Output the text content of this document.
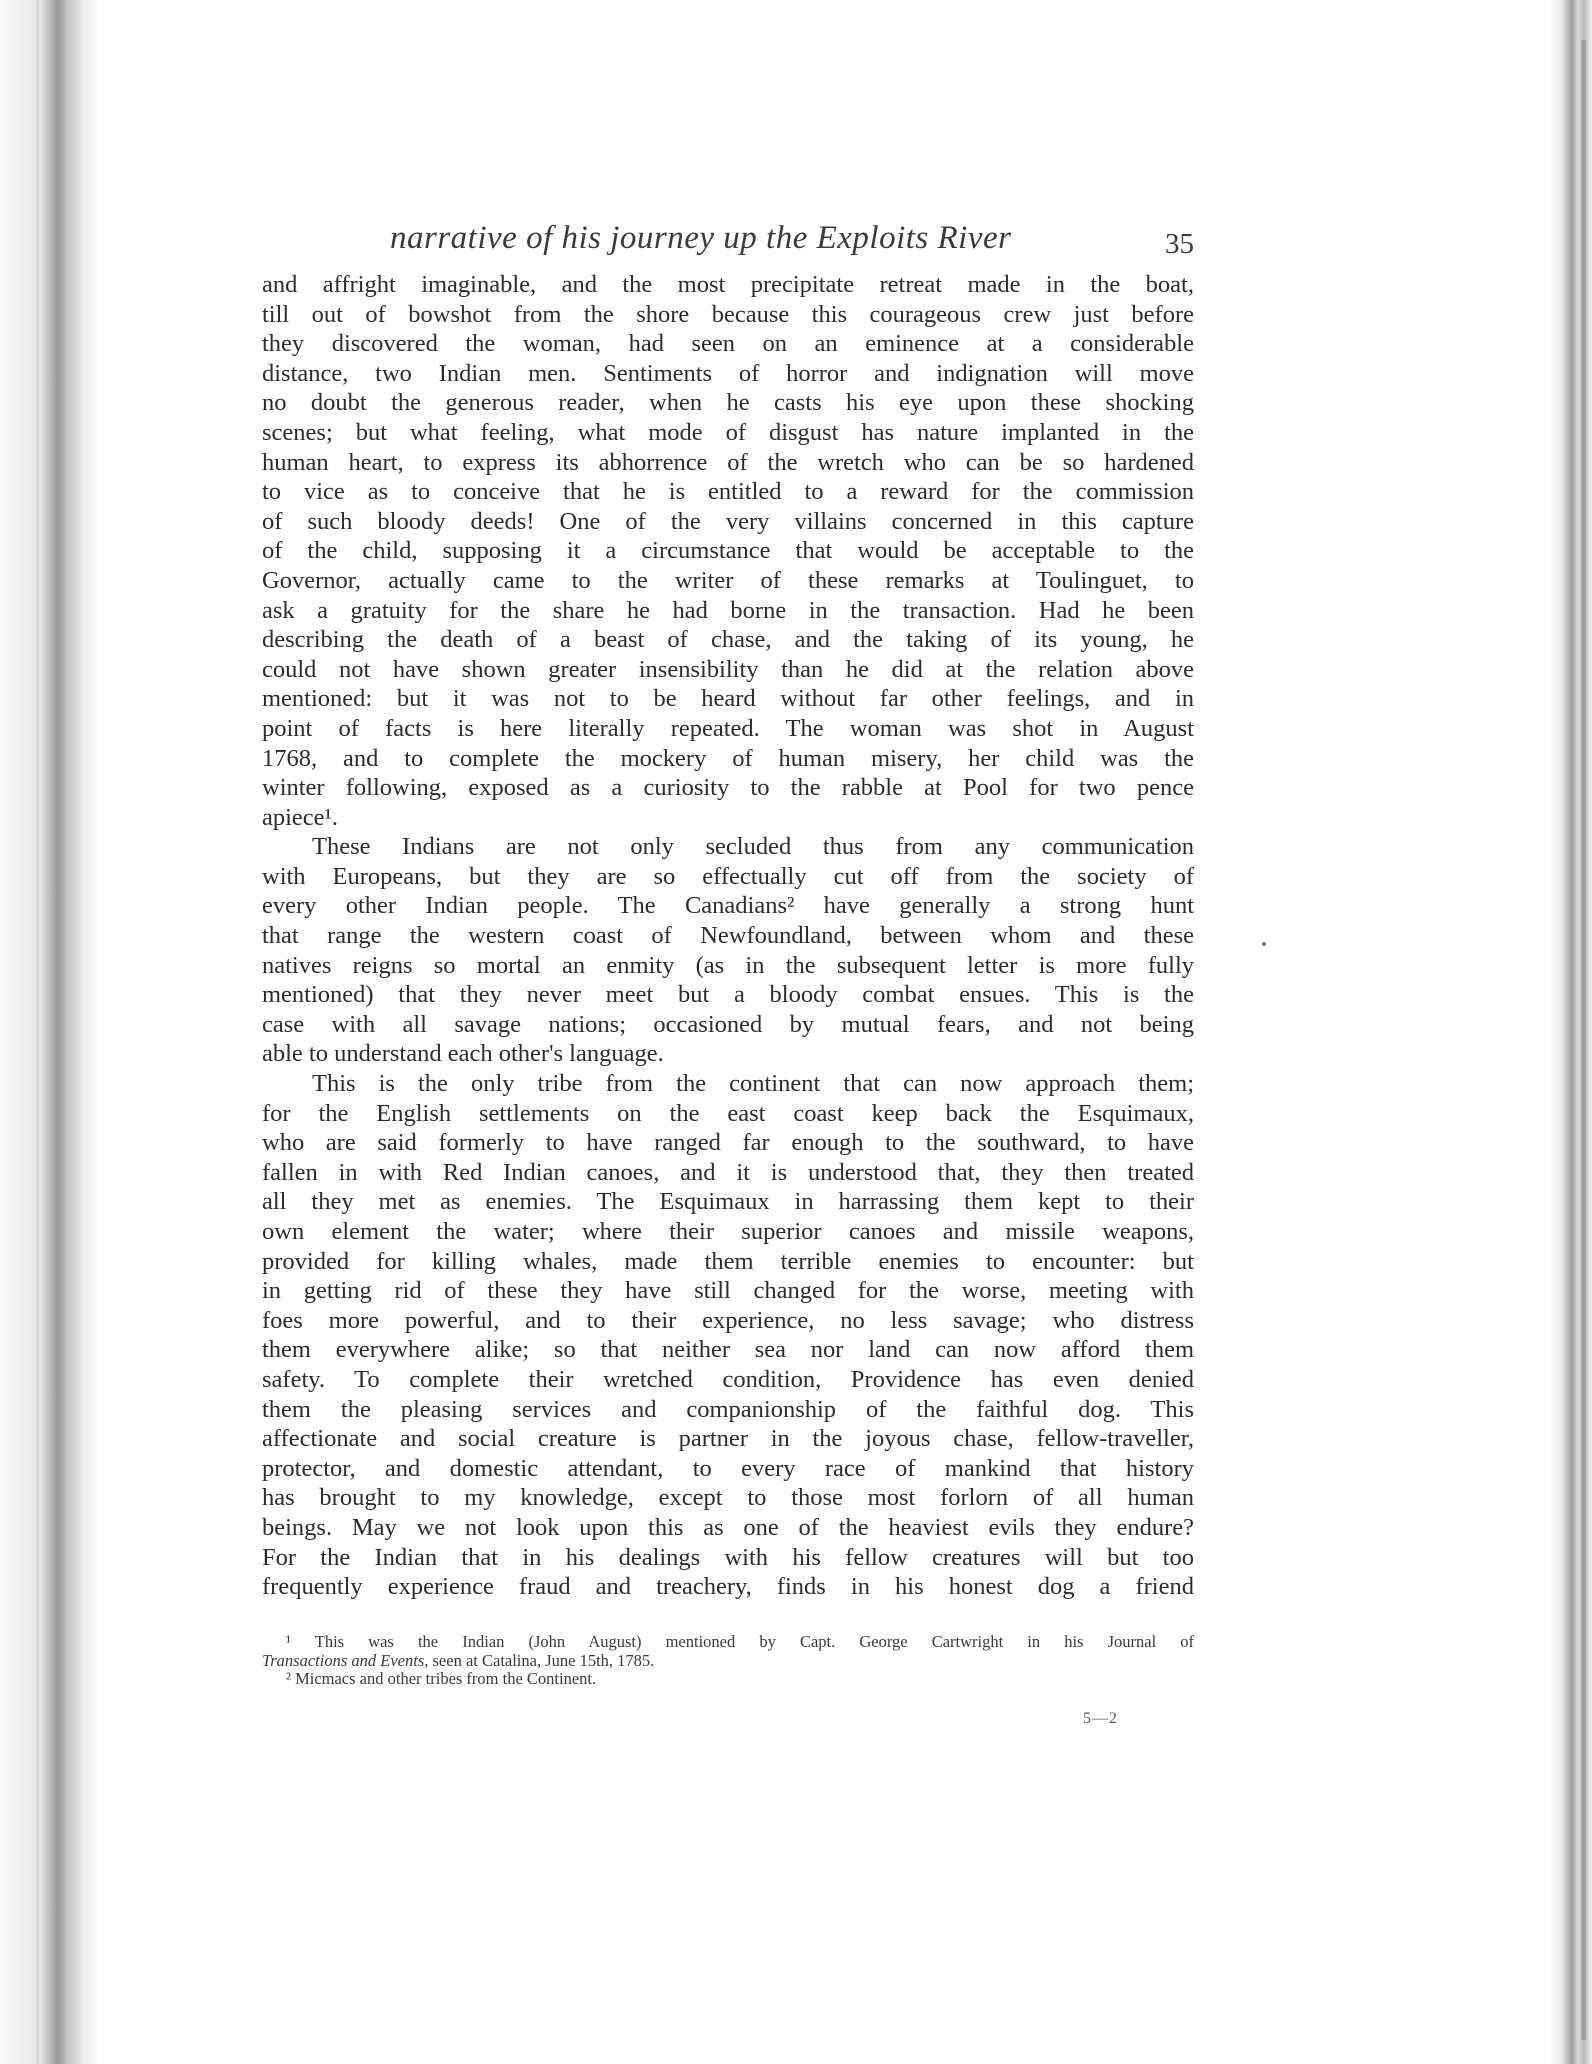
narrative of his journey up the Exploits River	35
and affright imaginable, and the most precipitate retreat made in the boat,
till out of bowshot from the shore because this courageous crew just before
they discovered the woman, had seen on an eminence at a considerable
distance, two Indian men. Sentiments of horror and indignation will move
no doubt the generous reader, when he casts his eye upon these shocking
scenes; but what feeling, what mode of disgust has nature implanted in the
human heart, to express its abhorrence of the wretch who can be so hardened
to vice as to conceive that he is entitled to a reward for the commission
of such bloody deeds! One of the very villains concerned in this capture
of the child, supposing it a circumstance that would be acceptable to the
Governor, actually came to the writer of these remarks at Toulinguet, to
ask a gratuity for the share he had borne in the transaction. Had he been
describing the death of a beast of chase, and the taking of its young, he
could not have shown greater insensibility than he did at the relation above
mentioned: but it was not to be heard without far other feelings, and in
point of facts is here literally repeated. The woman was shot in August
1768, and to complete the mockery of human misery, her child was the
winter following, exposed as a curiosity to the rabble at Pool for two pence
apiece¹.
These Indians are not only secluded thus from any communication
with Europeans, but they are so effectually cut off from the society of
every other Indian people. The Canadians² have generally a strong hunt
that range the western coast of Newfoundland, between whom and these
natives reigns so mortal an enmity (as in the subsequent letter is more fully
mentioned) that they never meet but a bloody combat ensues. This is the
case with all savage nations; occasioned by mutual fears, and not being
able to understand each other's language.
This is the only tribe from the continent that can now approach them;
for the English settlements on the east coast keep back the Esquimaux,
who are said formerly to have ranged far enough to the southward, to have
fallen in with Red Indian canoes, and it is understood that, they then treated
all they met as enemies. The Esquimaux in harrassing them kept to their
own element the water; where their superior canoes and missile weapons,
provided for killing whales, made them terrible enemies to encounter: but
in getting rid of these they have still changed for the worse, meeting with
foes more powerful, and to their experience, no less savage; who distress
them everywhere alike; so that neither sea nor land can now afford them
safety. To complete their wretched condition, Providence has even denied
them the pleasing services and companionship of the faithful dog. This
affectionate and social creature is partner in the joyous chase, fellow-traveller,
protector, and domestic attendant, to every race of mankind that history
has brought to my knowledge, except to those most forlorn of all human
beings. May we not look upon this as one of the heaviest evils they endure?
For the Indian that in his dealings with his fellow creatures will but too
frequently experience fraud and treachery, finds in his honest dog a friend
¹ This was the Indian (John August) mentioned by Capt. George Cartwright in his Journal of
Transactions and Events, seen at Catalina, June 15th, 1785.
² Micmacs and other tribes from the Continent.
5—2
